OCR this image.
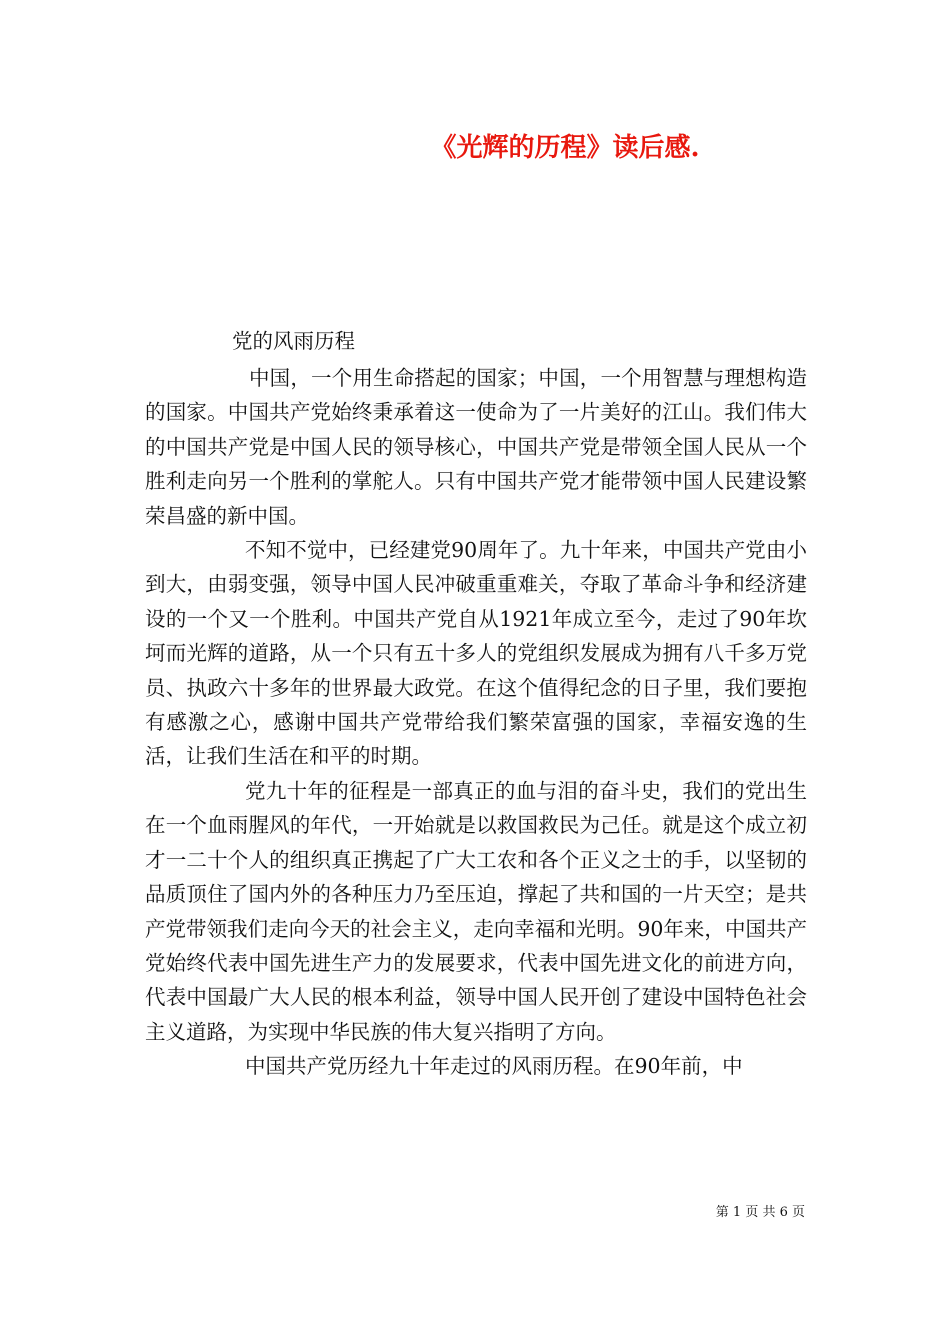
《光辉的历程》读后感.
党的风雨历程

中国，一个用生命搭起的国家；中国，一个用智慧与理想构造的国家。中国共产党始终秉承着这一使命为了一片美好的江山。我们伟大的中国共产党是中国人民的领导核心，中国共产党是带领全国人民从一个胜利走向另一个胜利的掌舵人。只有中国共产党才能带领中国人民建设繁荣昌盛的新中国。

不知不觉中，已经建党90周年了。九十年来，中国共产党由小到大，由弱变强，领导中国人民冲破重重难关，夺取了革命斗争和经济建设的一个又一个胜利。中国共产党自从1921年成立至今，走过了90年坎坷而光辉的道路，从一个只有五十多人的党组织发展成为拥有八千多万党员、执政六十多年的世界最大政党。在这个值得纪念的日子里，我们要抱有感激之心，感谢中国共产党带给我们繁荣富强的国家，幸福安逸的生活，让我们生活在和平的时期。

党九十年的征程是一部真正的血与泪的奋斗史，我们的党出生在一个血雨腥风的年代，一开始就是以救国救民为己任。就是这个成立初才一二十个人的组织真正携起了广大工农和各个正义之士的手，以坚韧的品质顶住了国内外的各种压力乃至压迫，撑起了共和国的一片天空；是共产党带领我们走向今天的社会主义，走向幸福和光明。90年来，中国共产党始终代表中国先进生产力的发展要求，代表中国先进文化的前进方向，代表中国最广大人民的根本利益，领导中国人民开创了建设中国特色社会主义道路，为实现中华民族的伟大复兴指明了方向。

中国共产党历经九十年走过的风雨历程。在90年前，中

第 1 页 共 6 页
